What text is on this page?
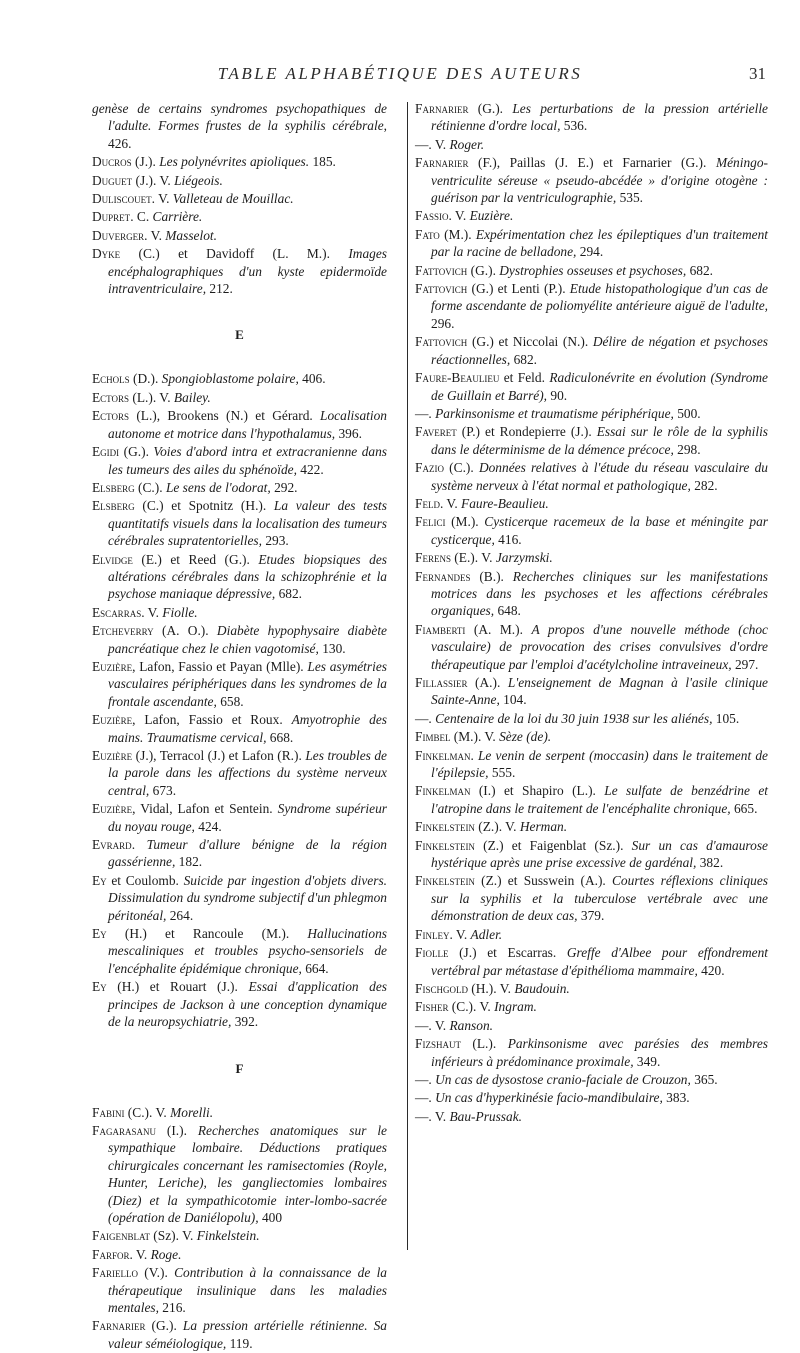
TABLE ALPHABÉTIQUE DES AUTEURS	31
genèse de certains syndromes psychopathiques de l'adulte. Formes frustes de la syphilis cérébrale, 426.
Ducros (J.). Les polynévrites apioliques. 185.
Duguet (J.). V. Liégeois.
Duliscouet. V. Valleteau de Mouillac.
Dupret. C. Carrière.
Duverger. V. Masselot.
Dyke (C.) et Davidoff (L. M.). Images encéphalographiques d'un kyste epidermoïde intraventriculaire, 212.
E
Echols (D.). Spongioblastome polaire, 406.
Ectors (L.). V. Bailey.
Ectors (L.), Brookens (N.) et Gérard. Localisation autonome et motrice dans l'hypothalamus, 396.
Egidi (G.). Voies d'abord intra et extracranienne dans les tumeurs des ailes du sphénoïde, 422.
Elsberg (C.). Le sens de l'odorat, 292.
Elsberg (C.) et Spotnitz (H.). La valeur des tests quantitatifs visuels dans la localisation des tumeurs cérébrales supratentorielles, 293.
Elvidge (E.) et Reed (G.). Etudes biopsiques des altérations cérébrales dans la schizophrénie et la psychose maniaque dépressive, 682.
Escarras. V. Fiolle.
Etcheverry (A. O.). Diabète hypophysaire diabète pancréatique chez le chien vagotomisé, 130.
Euzière, Lafon, Fassio et Payan (Mlle). Les asymétries vasculaires périphériques dans les syndromes de la frontale ascendante, 658.
Euzière, Lafon, Fassio et Roux. Amyotrophie des mains. Traumatisme cervical, 668.
Euzière (J.), Terracol (J.) et Lafon (R.). Les troubles de la parole dans les affections du système nerveux central, 673.
Euzière, Vidal, Lafon et Sentein. Syndrome supérieur du noyau rouge, 424.
Evrard. Tumeur d'allure bénigne de la région gassérienne, 182.
Ey et Coulomb. Suicide par ingestion d'objets divers. Dissimulation du syndrome subjectif d'un phlegmon péritonéal, 264.
Ey (H.) et Rancoule (M.). Hallucinations mescaliniques et troubles psycho-sensoriels de l'encéphalite épidémique chronique, 664.
Ey (H.) et Rouart (J.). Essai d'application des principes de Jackson à une conception dynamique de la neuropsychiatrie, 392.
F
Fabini (C.). V. Morelli.
Fagarasanu (I.). Recherches anatomiques sur le sympathique lombaire. Déductions pratiques chirurgicales concernant les ramisectomies (Royle, Hunter, Leriche), les gangliectomies lombaires (Diez) et la sympathicotomie inter-lombo-sacrée (opération de Daniélopolu), 400
Faigenblat (Sz). V. Finkelstein.
Farfor. V. Roge.
Fariello (V.). Contribution à la connaissance de la thérapeutique insulinique dans les maladies mentales, 216.
Farnarier (G.). La pression artérielle rétinienne. Sa valeur séméiologique, 119.
Farnarier (G.). Les perturbations de la pression artérielle rétinienne d'ordre local, 536.
—. V. Roger.
Farnarier (F.), Paillas (J. E.) et Farnarier (G.). Méningo-ventriculite séreuse « pseudo-abcédée » d'origine otogène : guérison par la ventriculographie, 535.
Fassio. V. Euzière.
Fato (M.). Expérimentation chez les épileptiques d'un traitement par la racine de belladone, 294.
Fattovich (G.). Dystrophies osseuses et psychoses, 682.
Fattovich (G.) et Lenti (P.). Etude histopathologique d'un cas de forme ascendante de poliomyélite antérieure aiguë de l'adulte, 296.
Fattovich (G.) et Niccolai (N.). Délire de négation et psychoses réactionnelles, 682.
Faure-Beaulieu et Feld. Radiculonévrite en évolution (Syndrome de Guillain et Barré), 90.
—. Parkinsonisme et traumatisme périphérique, 500.
Faverет (P.) et Rondepierre (J.). Essai sur le rôle de la syphilis dans le déterminisme de la démence précoce, 298.
Fazio (C.). Données relatives à l'étude du réseau vasculaire du système nerveux à l'état normal et pathologique, 282.
Feld. V. Faure-Beaulieu.
Felici (M.). Cysticerque racemeux de la base et méningite par cysticerque, 416.
Ferens (E.). V. Jarzymski.
Fernandes (B.). Recherches cliniques sur les manifestations motrices dans les psychoses et les affections cérébrales organiques, 648.
Fiamberti (A. M.). A propos d'une nouvelle méthode (choc vasculaire) de provocation des crises convulsives d'ordre thérapeutique par l'emploi d'acétylcholine intraveineux, 297.
Fillassier (A.). L'enseignement de Magnan à l'asile clinique Sainte-Anne, 104.
—. Centenaire de la loi du 30 juin 1938 sur les aliénés, 105.
Fimbel (M.). V. Sèze (de).
Finkelman. Le venin de serpent (moccasin) dans le traitement de l'épilepsie, 555.
Finkelman (I.) et Shapiro (L.). Le sulfate de benzédrine et l'atropine dans le traitement de l'encéphalite chronique, 665.
Finkelstein (Z.). V. Herman.
Finkelstein (Z.) et Faigenblat (Sz.). Sur un cas d'amaurose hystérique après une prise excessive de gardénal, 382.
Finkelstein (Z.) et Susswein (A.). Courtes réflexions cliniques sur la syphilis et la tuberculose vertébrale avec une démonstration de deux cas, 379.
Finley. V. Adler.
Fiolle (J.) et Escarras. Greffe d'Albee pour effondrement vertébral par métastase d'épithélioma mammaire, 420.
Fischgold (H.). V. Baudouin.
Fisher (C.). V. Ingram.
—. V. Ranson.
Fizshaut (L.). Parkinsonisme avec parésies des membres inférieurs à prédominance proximale, 349.
—. Un cas de dysostose cranio-faciale de Crouzon, 365.
—. Un cas d'hyperkinésie facio-mandibulaire, 383.
—. V. Bau-Prussak.
